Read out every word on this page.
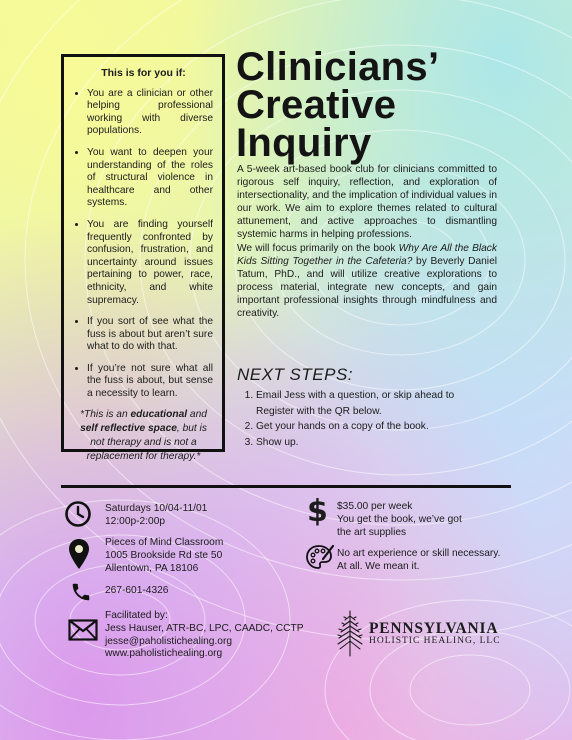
This is for you if:
• You are a clinician or other helping professional working with diverse populations.
• You want to deepen your understanding of the roles of structural violence in healthcare and other systems.
• You are finding yourself frequently confronted by confusion, frustration, and uncertainty around issues pertaining to power, race, ethnicity, and white supremacy.
• If you sort of see what the fuss is about but aren’t sure what to do with that.
• If you’re not sure what all the fuss is about, but sense a necessity to learn.
*This is an educational and self reflective space, but is not therapy and is not a replacement for therapy.*
Clinicians’
Creative
Inquiry

A 5-week art-based book club for clinicians committed to rigorous self inquiry, reflection, and exploration of intersectionality, and the implication of individual values in our work. We aim to explore themes related to cultural attunement, and active approaches to dismantling systemic harms in helping professions.

We will focus primarily on the book Why Are All the Black Kids Sitting Together in the Cafeteria? by Beverly Daniel Tatum, PhD., and will utilize creative explorations to process material, integrate new concepts, and gain important professional insights through mindfulness and creativity.

NEXT STEPS:
1. Email Jess with a question, or skip ahead to Register with the QR below.
2. Get your hands on a copy of the book.
3. Show up.
Saturdays 10/04-11/01
12:00p-2:00p
Pieces of Mind Classroom
1005 Brookside Rd ste 50
Allentown, PA 18106
267-601-4326
Facilitated by:
Jess Hauser, ATR-BC, LPC, CAADC, CCTP
jesse@paholistichealing.org
www.paholistichealing.org
$ $35.00 per week
You get the book, we’ve got
the art supplies
No art experience or skill necessary.
At all. We mean it.
PENNSYLVANIA
HOLISTIC HEALING, LLC
